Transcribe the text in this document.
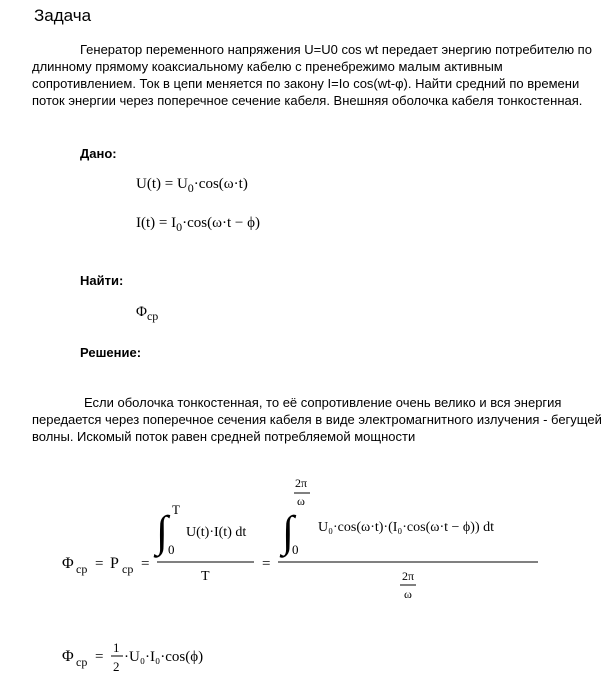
Задача

Генератор переменного напряжения U=U0 cos wt передает энергию потребителю по длинному прямому коаксиальному кабелю с пренебрежимо малым активным сопротивлением. Ток в цепи меняется по закону I=Io cos(wt-φ). Найти средний по времени поток энергии через поперечное сечение кабеля. Внешняя оболочка кабеля тонкостенная.

Дано:
$U(t) = U_0\cdot\cos(\omega\cdot t)$
$I(t) = I_0\cdot\cos(\omega\cdot t - \phi)$
Найти:
$\Phi_{cp}$
Решение:

Если оболочка тонкостенная, то её сопротивление очень велико и вся энергия передается через поперечное сечения кабеля в виде электромагнитного излучения - бегущей волны. Искомый поток равен средней потребляемой мощности

Φ cp = P cp =
∫ T
0
U(t)·I(t) dt
T
=
∫
2π
ω
0
U₀·cos(ω·t)·(I₀·cos(ω·t − ϕ)) dt
2π
ω
Φ cp =
1
2
·U₀·I₀·cos(ϕ)
